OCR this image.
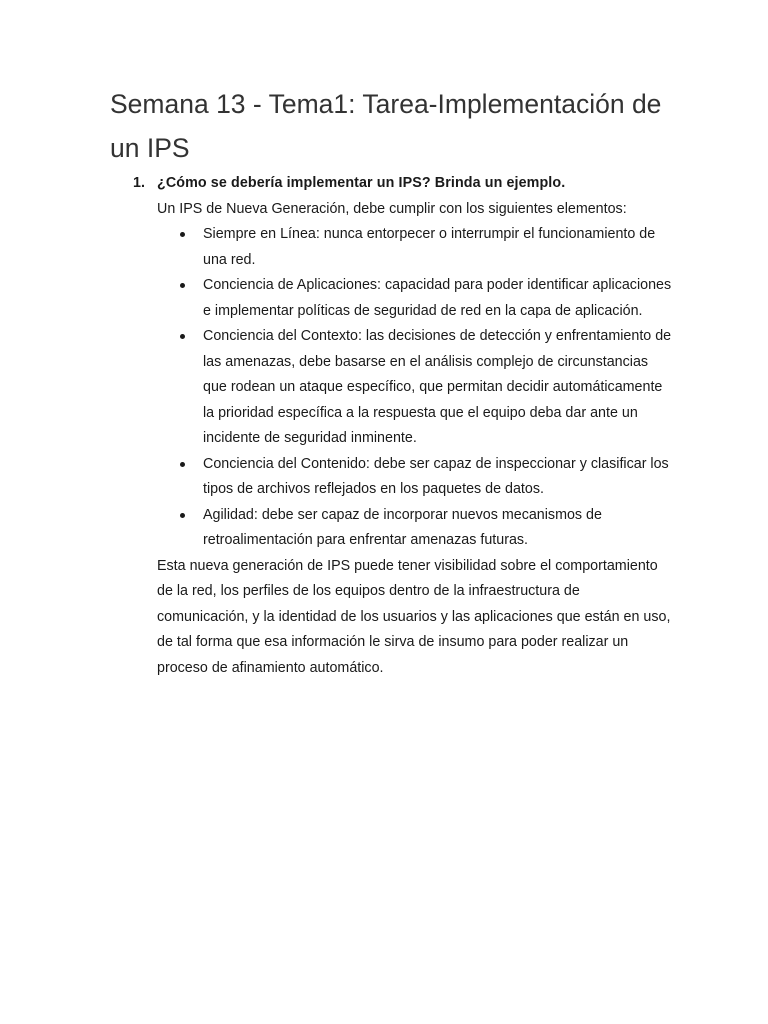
Semana 13 - Tema1: Tarea-Implementación de un IPS
1. ¿Cómo se debería implementar un IPS? Brinda un ejemplo.

Un IPS de Nueva Generación, debe cumplir con los siguientes elementos:

Siempre en Línea: nunca entorpecer o interrumpir el funcionamiento de una red.
Conciencia de Aplicaciones: capacidad para poder identificar aplicaciones e implementar políticas de seguridad de red en la capa de aplicación.
Conciencia del Contexto: las decisiones de detección y enfrentamiento de las amenazas, debe basarse en el análisis complejo de circunstancias que rodean un ataque específico, que permitan decidir automáticamente la prioridad específica a la respuesta que el equipo deba dar ante un incidente de seguridad inminente.
Conciencia del Contenido: debe ser capaz de inspeccionar y clasificar los tipos de archivos reflejados en los paquetes de datos.
Agilidad: debe ser capaz de incorporar nuevos mecanismos de retroalimentación para enfrentar amenazas futuras.

Esta nueva generación de IPS puede tener visibilidad sobre el comportamiento de la red, los perfiles de los equipos dentro de la infraestructura de comunicación, y la identidad de los usuarios y las aplicaciones que están en uso, de tal forma que esa información le sirva de insumo para poder realizar un proceso de afinamiento automático.
